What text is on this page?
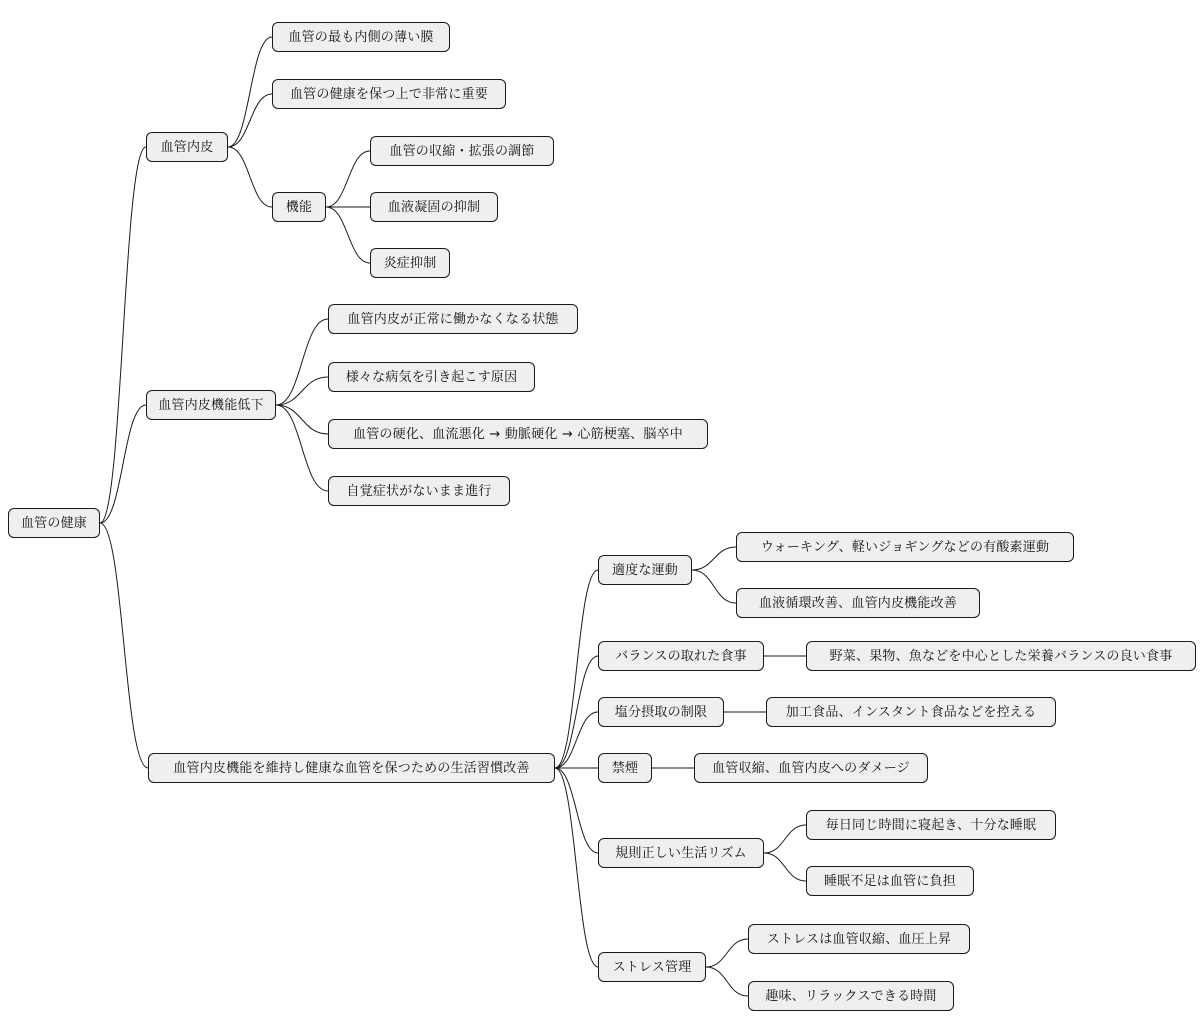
血管の健康
血管内皮
血管の最も内側の薄い膜
血管の健康を保つ上で非常に重要
機能
血管の収縮・拡張の調節
血液凝固の抑制
炎症抑制
血管内皮機能低下
血管内皮が正常に働かなくなる状態
様々な病気を引き起こす原因
血管の硬化、血流悪化 → 動脈硬化 → 心筋梗塞、脳卒中
自覚症状がないまま進行
血管内皮機能を維持し健康な血管を保つための生活習慣改善
適度な運動
ウォーキング、軽いジョギングなどの有酸素運動
血液循環改善、血管内皮機能改善
バランスの取れた食事	野菜、果物、魚などを中心とした栄養バランスの良い食事
塩分摂取の制限	加工食品、インスタント食品などを控える
禁煙	血管収縮、血管内皮へのダメージ
規則正しい生活リズム
毎日同じ時間に寝起き、十分な睡眠
睡眠不足は血管に負担
ストレス管理
ストレスは血管収縮、血圧上昇
趣味、リラックスできる時間
